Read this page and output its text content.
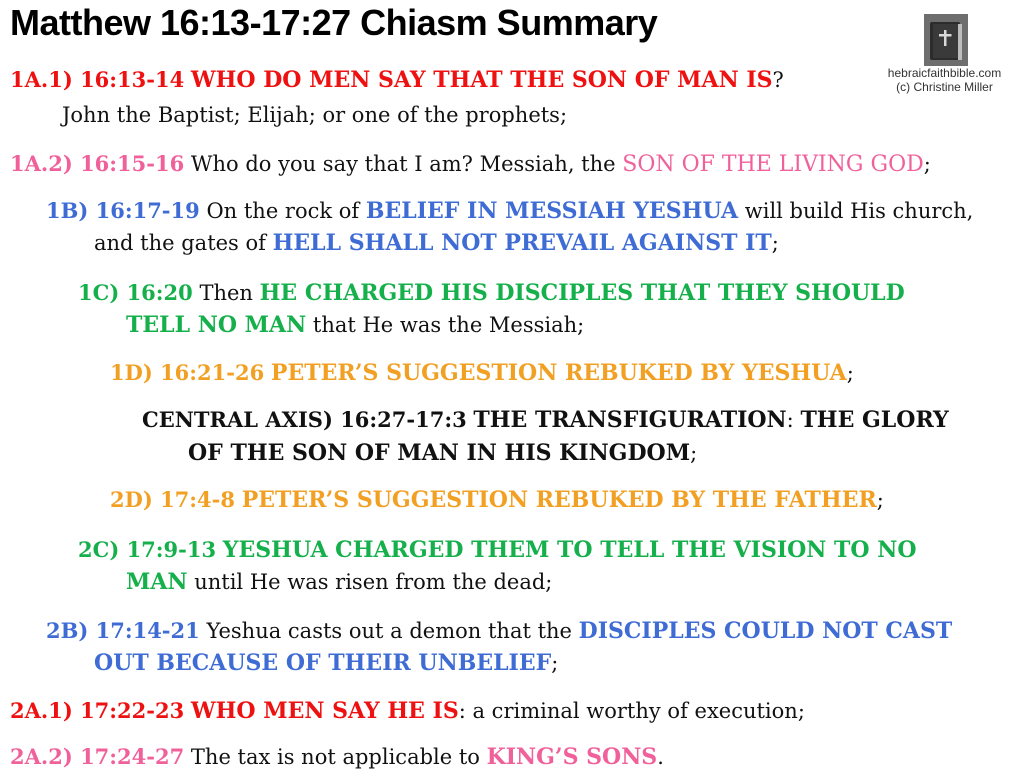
Matthew 16:13-17:27 Chiasm Summary
hebraicfaithbible.com
(c) Christine Miller
1A.1) 16:13-14 WHO DO MEN SAY THAT THE SON OF MAN IS?
John the Baptist; Elijah; or one of the prophets;
1A.2) 16:15-16 Who do you say that I am? Messiah, the SON OF THE LIVING GOD;
1B) 16:17-19 On the rock of BELIEF IN MESSIAH YESHUA will build His church,
and the gates of HELL SHALL NOT PREVAIL AGAINST IT;
1C) 16:20 Then HE CHARGED HIS DISCIPLES THAT THEY SHOULD
TELL NO MAN that He was the Messiah;
1D) 16:21-26 PETER’S SUGGESTION REBUKED BY YESHUA;
CENTRAL AXIS) 16:27-17:3 THE TRANSFIGURATION: THE GLORY
OF THE SON OF MAN IN HIS KINGDOM;
2D) 17:4-8 PETER’S SUGGESTION REBUKED BY THE FATHER;
2C) 17:9-13 YESHUA CHARGED THEM TO TELL THE VISION TO NO
MAN until He was risen from the dead;
2B) 17:14-21 Yeshua casts out a demon that the DISCIPLES COULD NOT CAST
OUT BECAUSE OF THEIR UNBELIEF;
2A.1) 17:22-23 WHO MEN SAY HE IS: a criminal worthy of execution;
2A.2) 17:24-27 The tax is not applicable to KING’S SONS.
